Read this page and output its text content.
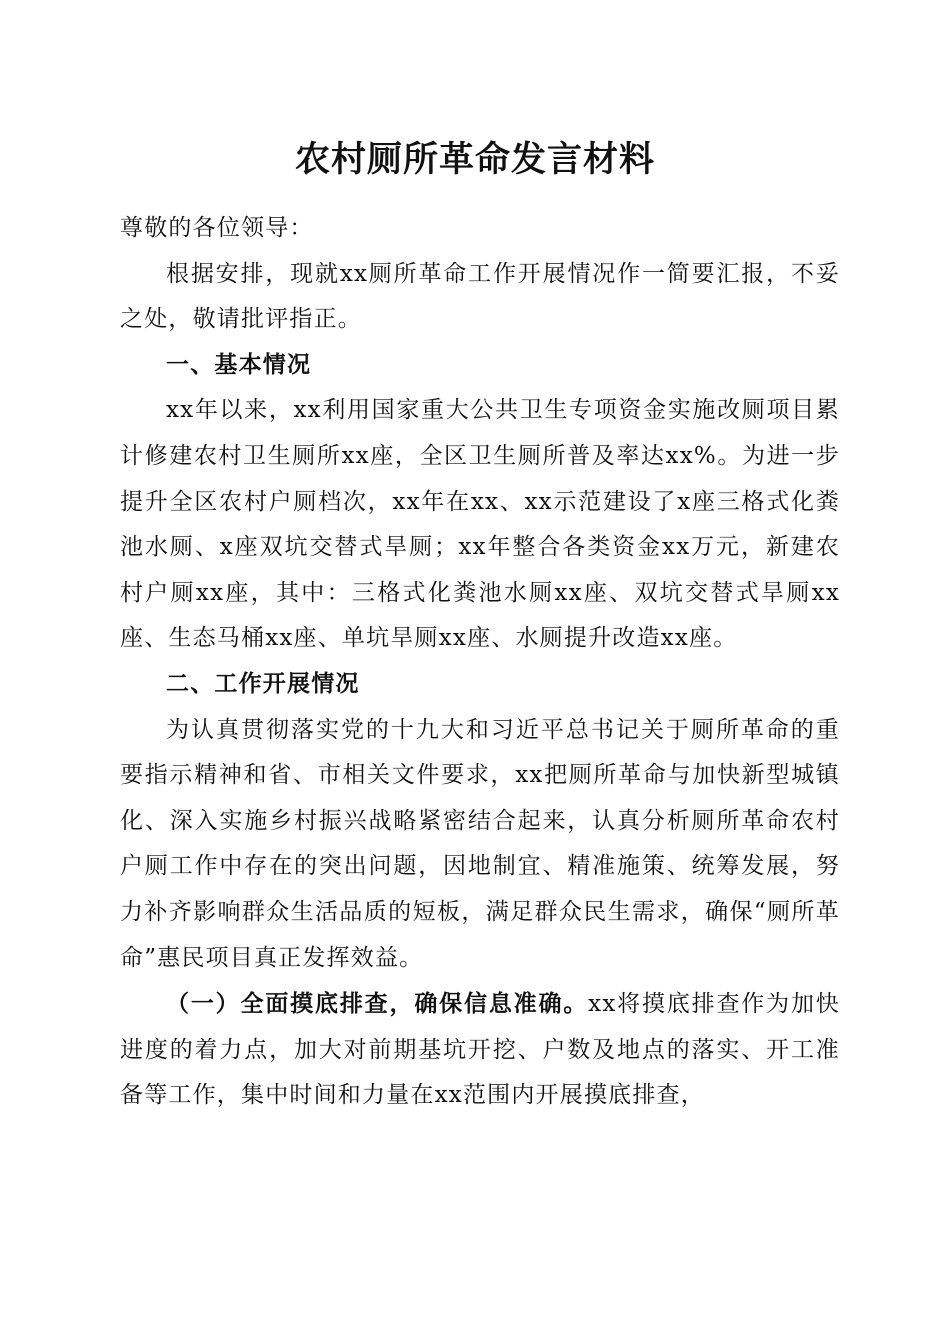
农村厕所革命发言材料

尊敬的各位领导：

根据安排，现就xx厕所革命工作开展情况作一简要汇报，不妥之处，敬请批评指正。

一、基本情况

xx年以来，xx利用国家重大公共卫生专项资金实施改厕项目累计修建农村卫生厕所xx座，全区卫生厕所普及率达xx%。为进一步提升全区农村户厕档次，xx年在xx、xx示范建设了x座三格式化粪池水厕、x座双坑交替式旱厕；xx年整合各类资金xx万元，新建农村户厕xx座，其中：三格式化粪池水厕xx座、双坑交替式旱厕xx座、生态马桶xx座、单坑旱厕xx座、水厕提升改造xx座。

二、工作开展情况

为认真贯彻落实党的十九大和习近平总书记关于厕所革命的重要指示精神和省、市相关文件要求，xx把厕所革命与加快新型城镇化、深入实施乡村振兴战略紧密结合起来，认真分析厕所革命农村户厕工作中存在的突出问题，因地制宜、精准施策、统筹发展，努力补齐影响群众生活品质的短板，满足群众民生需求，确保“厕所革命”惠民项目真正发挥效益。

（一）全面摸底排查，确保信息准确。xx将摸底排查作为加快进度的着力点，加大对前期基坑开挖、户数及地点的落实、开工准备等工作，集中时间和力量在xx范围内开展摸底排查，
